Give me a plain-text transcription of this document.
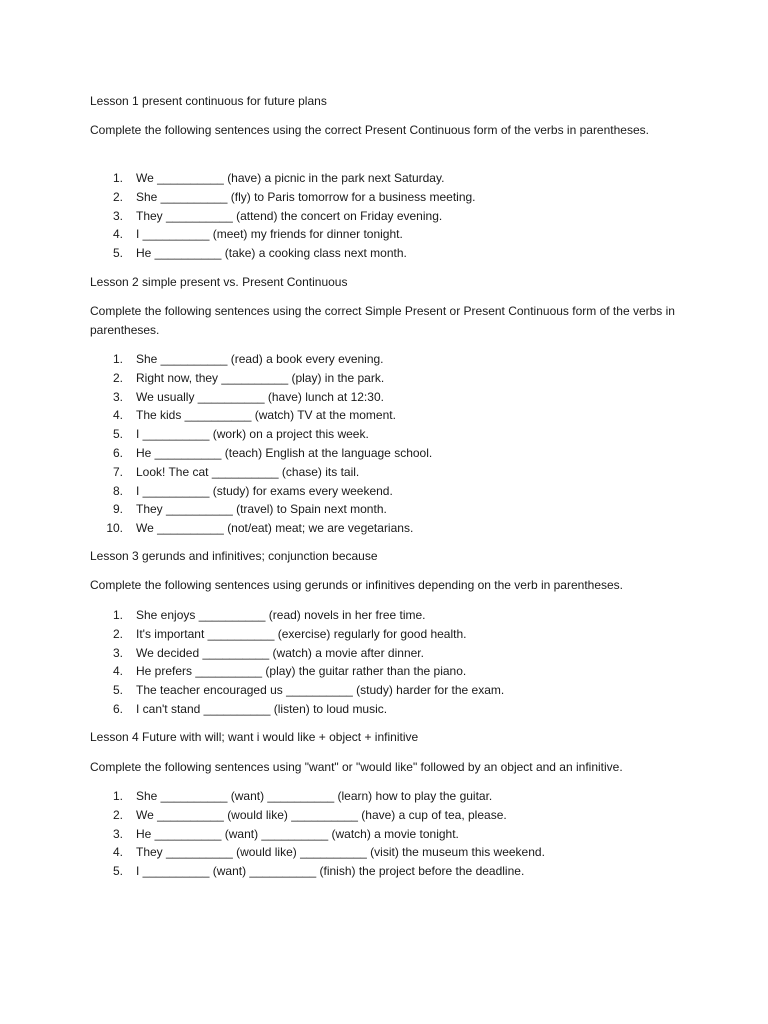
Lesson 1 present continuous for future plans

Complete the following sentences using the correct Present Continuous form of the verbs in parentheses.

1. We __________ (have) a picnic in the park next Saturday.
2. She __________ (fly) to Paris tomorrow for a business meeting.
3. They __________ (attend) the concert on Friday evening.
4. I __________ (meet) my friends for dinner tonight.
5. He __________ (take) a cooking class next month.

Lesson 2 simple present vs. Present Continuous

Complete the following sentences using the correct Simple Present or Present Continuous form of the verbs in parentheses.

1. She __________ (read) a book every evening.
2. Right now, they __________ (play) in the park.
3. We usually __________ (have) lunch at 12:30.
4. The kids __________ (watch) TV at the moment.
5. I __________ (work) on a project this week.
6. He __________ (teach) English at the language school.
7. Look! The cat __________ (chase) its tail.
8. I __________ (study) for exams every weekend.
9. They __________ (travel) to Spain next month.
10. We __________ (not/eat) meat; we are vegetarians.

Lesson 3 gerunds and infinitives; conjunction because

Complete the following sentences using gerunds or infinitives depending on the verb in parentheses.

1. She enjoys __________ (read) novels in her free time.
2. It's important __________ (exercise) regularly for good health.
3. We decided __________ (watch) a movie after dinner.
4. He prefers __________ (play) the guitar rather than the piano.
5. The teacher encouraged us __________ (study) harder for the exam.
6. I can't stand __________ (listen) to loud music.

Lesson 4 Future with will; want i would like + object + infinitive

Complete the following sentences using "want" or "would like" followed by an object and an infinitive.

1. She __________ (want) __________ (learn) how to play the guitar.
2. We __________ (would like) __________ (have) a cup of tea, please.
3. He __________ (want) __________ (watch) a movie tonight.
4. They __________ (would like) __________ (visit) the museum this weekend.
5. I __________ (want) __________ (finish) the project before the deadline.
